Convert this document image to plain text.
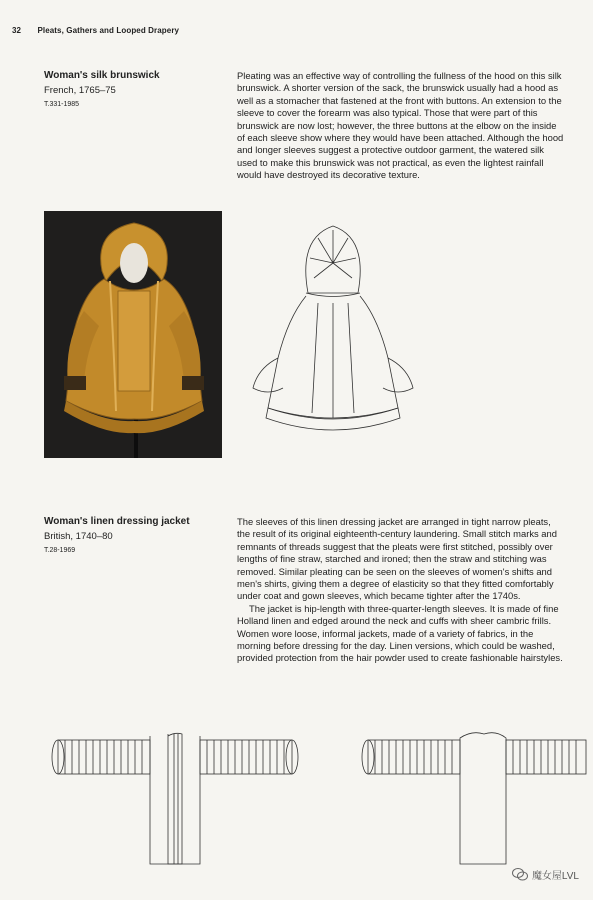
32 Pleats, Gathers and Looped Drapery
Woman's silk brunswick
French, 1765–75
T.331-1985

Pleating was an effective way of controlling the fullness of the hood on this silk brunswick. A shorter version of the sack, the brunswick usually had a hood as well as a stomacher that fastened at the front with buttons. An extension to the sleeve to cover the forearm was also typical. Those that were part of this brunswick are now lost; however, the three buttons at the elbow on the inside of each sleeve show where they would have been attached. Although the hood and longer sleeves suggest a protective outdoor garment, the watered silk used to make this brunswick was not practical, as even the lightest rainfall would have destroyed its decorative texture.

Woman's linen dressing jacket
British, 1740–80
T.28-1969

The sleeves of this linen dressing jacket are arranged in tight narrow pleats, the result of its original eighteenth-century laundering. Small stitch marks and remnants of threads suggest that the pleats were first stitched, possibly over lengths of fine straw, starched and ironed; then the straw and stitching was removed. Similar pleating can be seen on the sleeves of women's shifts and men's shirts, giving them a degree of elasticity so that they fitted comfortably under coat and gown sleeves, which became tighter after the 1740s.

The jacket is hip-length with three-quarter-length sleeves. It is made of fine Holland linen and edged around the neck and cuffs with sheer cambric frills. Women wore loose, informal jackets, made of a variety of fabrics, in the morning before dressing for the day. Linen versions, which could be washed, provided protection from the hair powder used to create fashionable hairstyles.

魔女屋LVL
